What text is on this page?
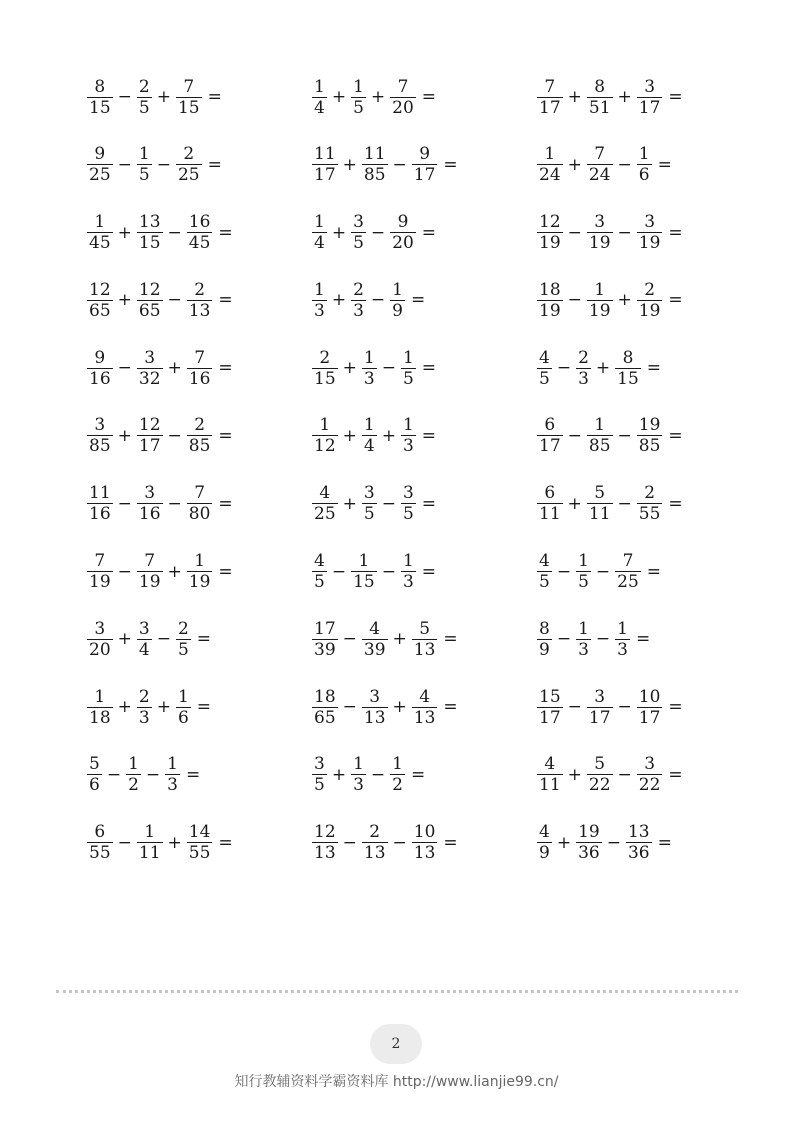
$\frac{8}{15} - \frac{2}{5} + \frac{7}{15}$ =	$\frac{1}{4} + \frac{1}{5} + \frac{7}{20}$ =	$\frac{7}{17} + \frac{8}{51} + \frac{3}{17}$ =
$\frac{9}{25} - \frac{1}{5} - \frac{2}{25}$ =	$\frac{11}{17} + \frac{11}{85} - \frac{9}{17}$ =	$\frac{1}{24} + \frac{7}{24} - \frac{1}{6}$ =
$\frac{1}{45} + \frac{13}{15} - \frac{16}{45}$ =	$\frac{1}{4} + \frac{3}{5} - \frac{9}{20}$ =	$\frac{12}{19} - \frac{3}{19} - \frac{3}{19}$ =
$\frac{12}{65} + \frac{12}{65} - \frac{2}{13}$ =	$\frac{1}{3} + \frac{2}{3} - \frac{1}{9}$ =	$\frac{18}{19} - \frac{1}{19} + \frac{2}{19}$ =
$\frac{9}{16} - \frac{3}{32} + \frac{7}{16}$ =	$\frac{2}{15} + \frac{1}{3} - \frac{1}{5}$ =	$\frac{4}{5} - \frac{2}{3} + \frac{8}{15}$ =
$\frac{3}{85} + \frac{12}{17} - \frac{2}{85}$ =	$\frac{1}{12} + \frac{1}{4} + \frac{1}{3}$ =	$\frac{6}{17} - \frac{1}{85} - \frac{19}{85}$ =
$\frac{11}{16} - \frac{3}{16} - \frac{7}{80}$ =	$\frac{4}{25} + \frac{3}{5} - \frac{3}{5}$ =	$\frac{6}{11} + \frac{5}{11} - \frac{2}{55}$ =
$\frac{7}{19} - \frac{7}{19} + \frac{1}{19}$ =	$\frac{4}{5} - \frac{1}{15} - \frac{1}{3}$ =	$\frac{4}{5} - \frac{1}{5} - \frac{7}{25}$ =
$\frac{3}{20} + \frac{3}{4} - \frac{2}{5}$ =	$\frac{17}{39} - \frac{4}{39} + \frac{5}{13}$ =	$\frac{8}{9} - \frac{1}{3} - \frac{1}{3}$ =
$\frac{1}{18} + \frac{2}{3} + \frac{1}{6}$ =	$\frac{18}{65} - \frac{3}{13} + \frac{4}{13}$ =	$\frac{15}{17} - \frac{3}{17} - \frac{10}{17}$ =
$\frac{5}{6} - \frac{1}{2} - \frac{1}{3}$ =	$\frac{3}{5} + \frac{1}{3} - \frac{1}{2}$ =	$\frac{4}{11} + \frac{5}{22} - \frac{3}{22}$ =
$\frac{6}{55} - \frac{1}{11} + \frac{14}{55}$ =	$\frac{12}{13} - \frac{2}{13} - \frac{10}{13}$ =	$\frac{4}{9} + \frac{19}{36} - \frac{13}{36}$ =
2
知行教辅资料学霸资料库 http://www.lianjie99.cn/
